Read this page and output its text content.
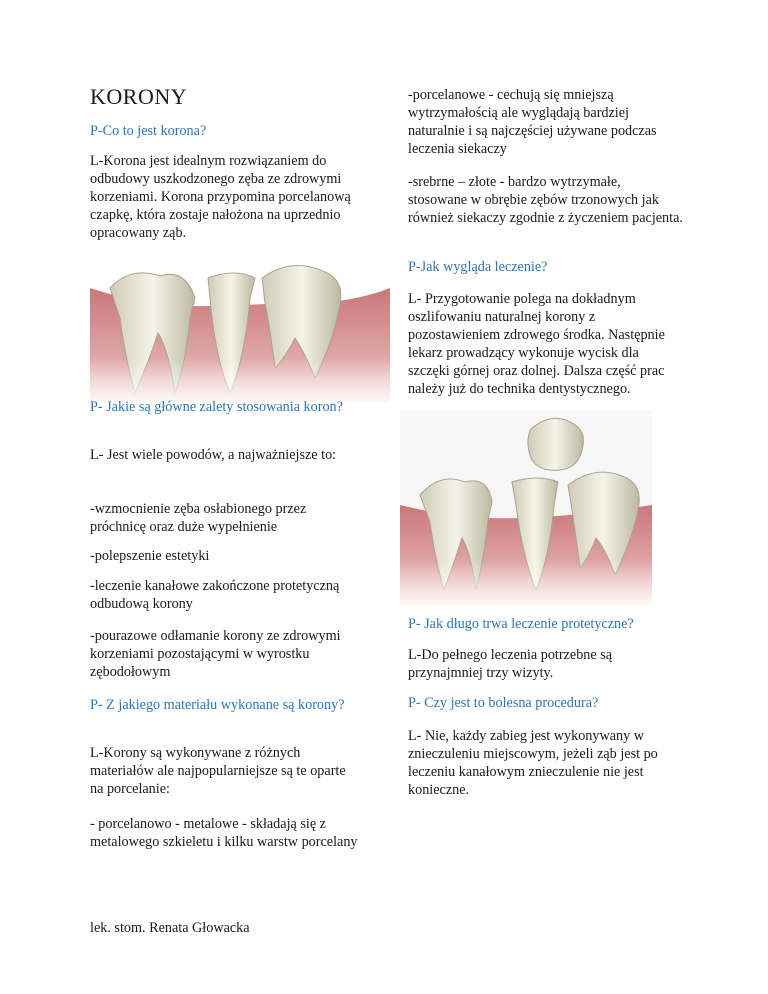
KORONY

P-Co to jest korona?

L-Korona jest idealnym rozwiązaniem do odbudowy uszkodzonego zęba ze zdrowymi korzeniami. Korona przypomina porcelanową czapkę, która zostaje nałożona na uprzednio opracowany ząb.

P- Jakie są główne zalety stosowania koron?

L- Jest wiele powodów, a najważniejsze to:

-wzmocnienie zęba osłabionego przez próchnicę oraz duże wypełnienie

-polepszenie estetyki

-leczenie kanałowe zakończone protetyczną odbudową korony

-pourazowe odłamanie korony ze zdrowymi korzeniami pozostającymi w wyrostku zębodołowym

P- Z jakiego materiału wykonane są korony?

L-Korony są wykonywane z różnych materiałów ale najpopularniejsze są te oparte na porcelanie:

- porcelanowo - metalowe - składają się z metalowego szkieletu i kilku warstw porcelany

-porcelanowe - cechują się mniejszą wytrzymałością ale wyglądają bardziej naturalnie i są najczęściej używane podczas leczenia siekaczy

-srebrne – złote - bardzo wytrzymałe, stosowane w obrębie zębów trzonowych jak również siekaczy zgodnie z życzeniem pacjenta.

P-Jak wygląda leczenie?

L- Przygotowanie polega na dokładnym oszlifowaniu naturalnej korony z pozostawieniem zdrowego środka. Następnie lekarz prowadzący wykonuje wycisk dla szczęki górnej oraz dolnej. Dalsza część prac należy już do technika dentystycznego.

P- Jak długo trwa leczenie protetyczne?

L-Do pełnego leczenia potrzebne są przynajmniej trzy wizyty.

P- Czy jest to bolesna procedura?

L- Nie, każdy zabieg jest wykonywany w znieczuleniu miejscowym, jeżeli ząb jest po leczeniu kanałowym znieczulenie nie jest konieczne.

lek. stom. Renata Głowacka
